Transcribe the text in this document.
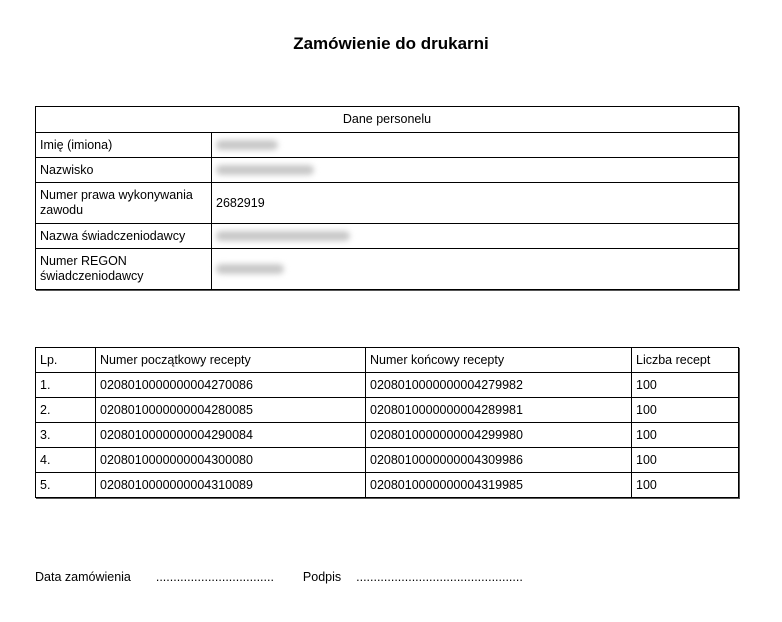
Zamówienie do drukarni
Dane personelu	
Imię (imiona)	
Nazwisko	
Numer prawa wykonywania zawodu	2682919
Nazwa świadczeniodawcy	
Numer REGON świadczeniodawcy	
Lp.	Numer początkowy recepty	Numer końcowy recepty	Liczba recept
1.	0208010000000004270086	0208010000000004279982	100
2.	0208010000000004280085	0208010000000004289981	100
3.	0208010000000004290084	0208010000000004299980	100
4.	0208010000000004300080	0208010000000004309986	100
5.	0208010000000004310089	0208010000000004319985	100
Data zamówienia .................................. Podpis ................................................
